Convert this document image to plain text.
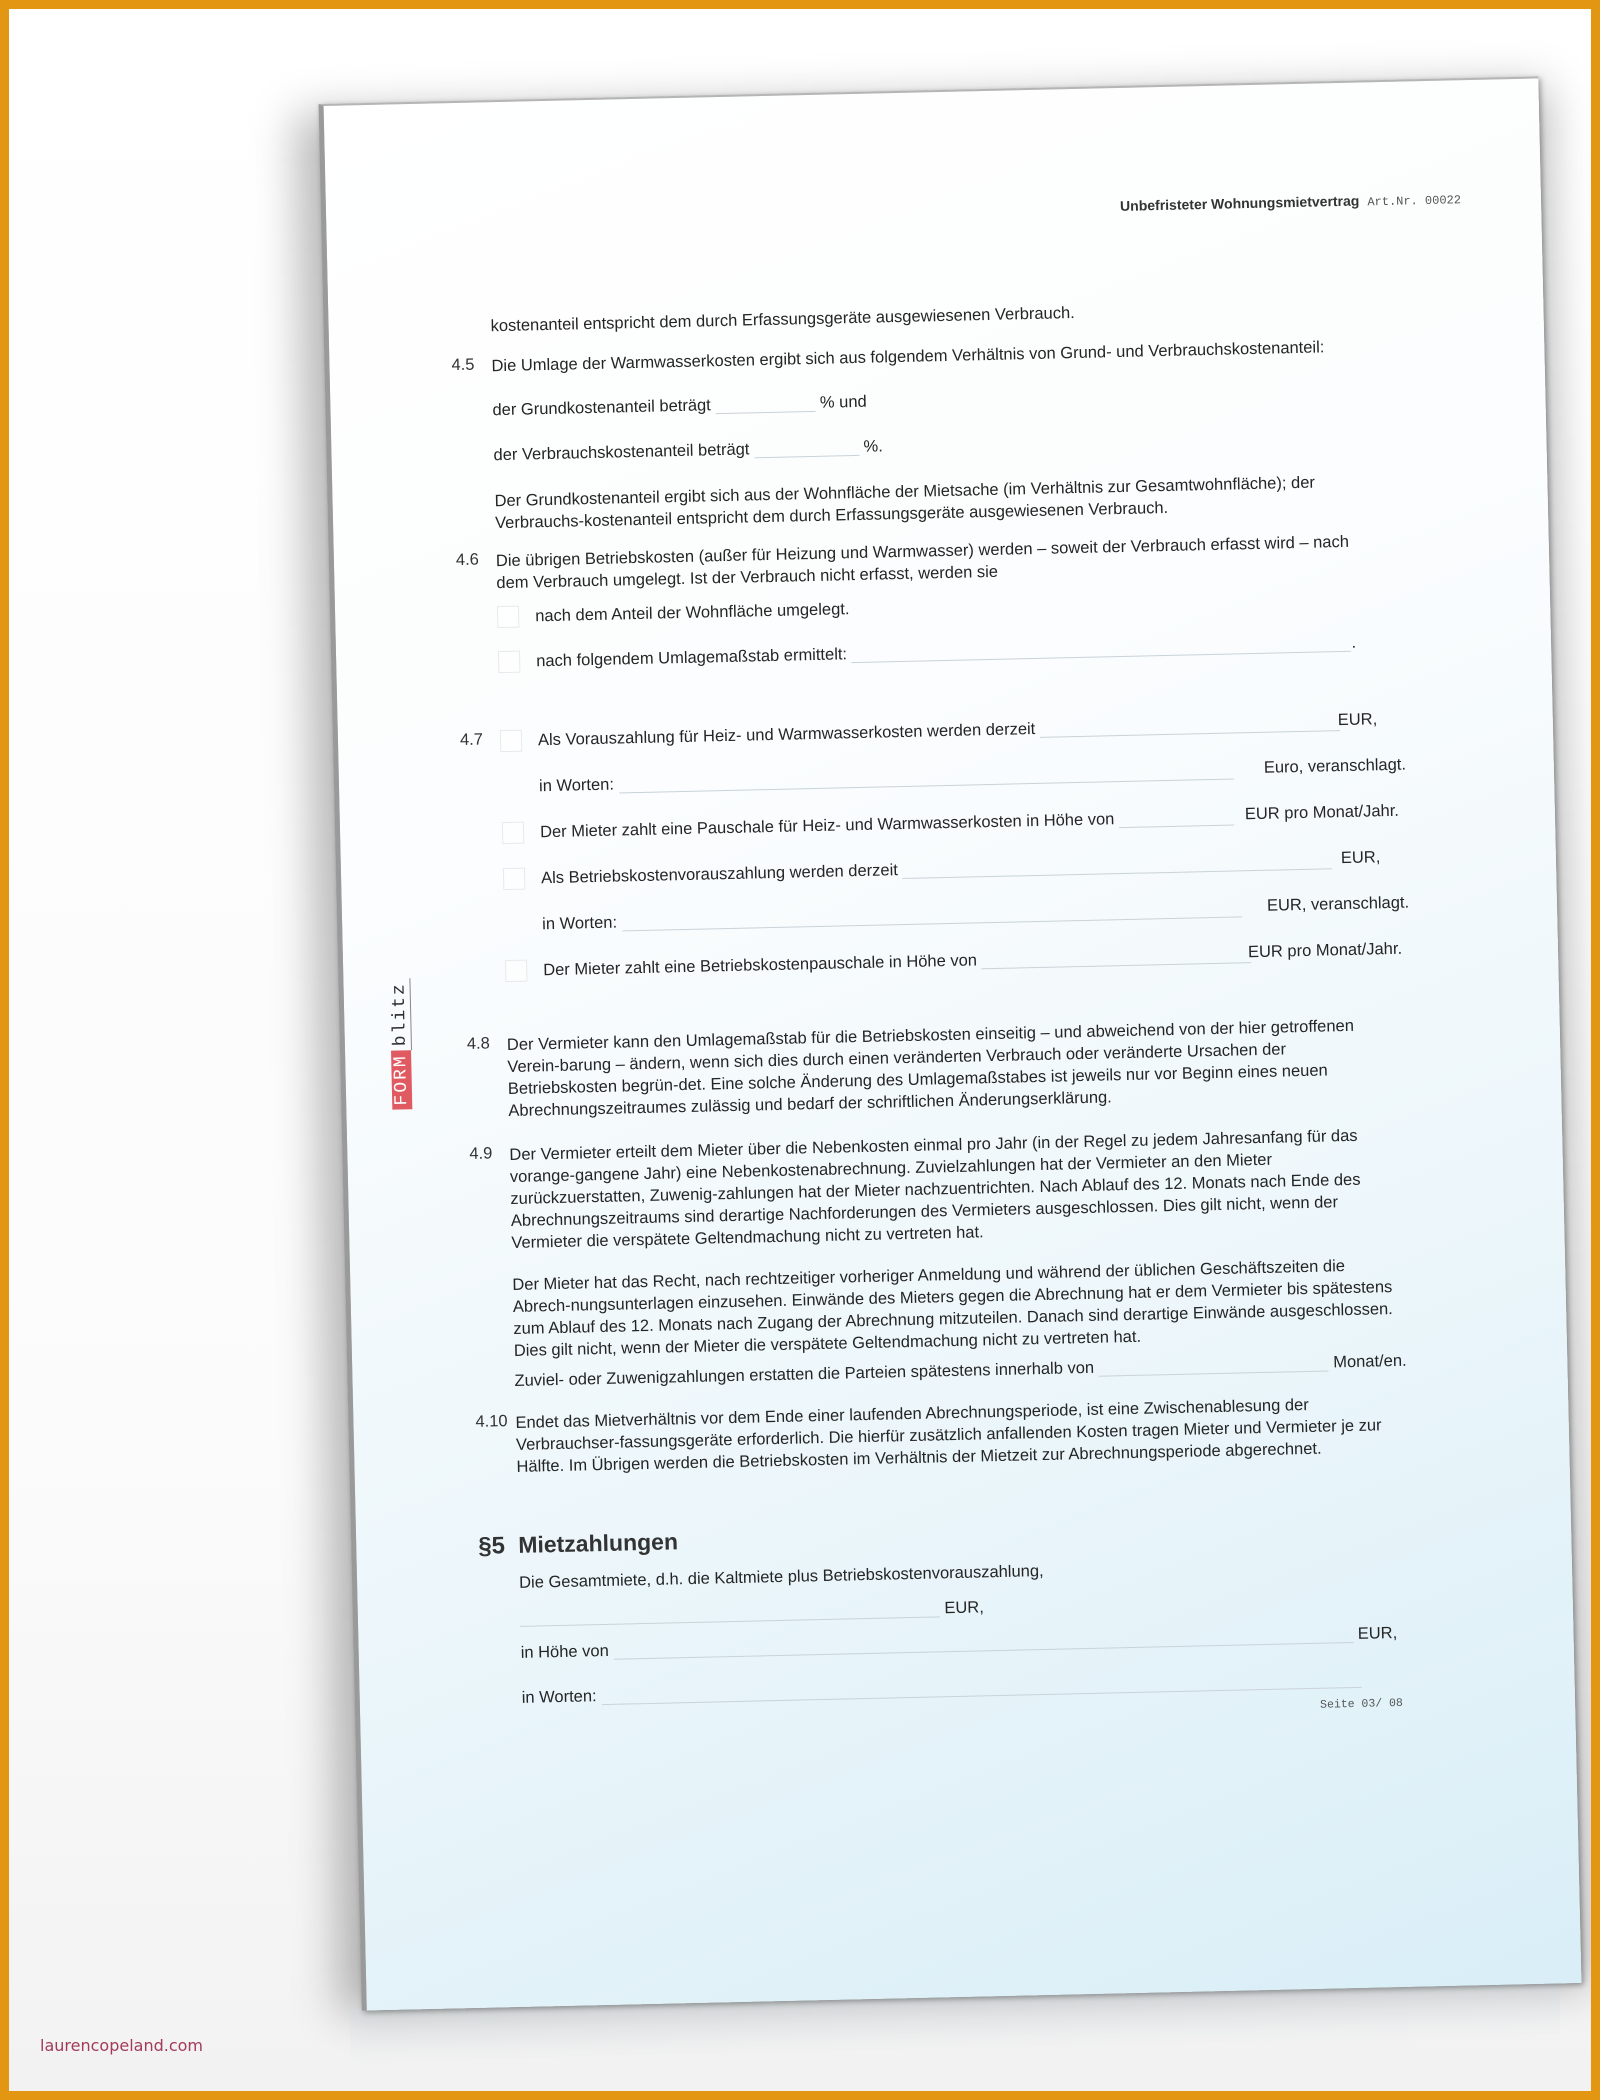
Unbefristeter Wohnungsmietvertrag Art.Nr. 00022
kostenanteil entspricht dem durch Erfassungsgeräte ausgewiesenen Verbrauch.
4.5 Die Umlage der Warmwasserkosten ergibt sich aus folgendem Verhältnis von Grund- und Verbrauchskostenanteil:
der Grundkostenanteil beträgt	% und
der Verbrauchskostenanteil beträgt	%.
Der Grundkostenanteil ergibt sich aus der Wohnfläche der Mietsache (im Verhältnis zur Gesamtwohnfläche); der Verbrauchs-kostenanteil entspricht dem durch Erfassungsgeräte ausgewiesenen Verbrauch.
4.6 Die übrigen Betriebskosten (außer für Heizung und Warmwasser) werden – soweit der Verbrauch erfasst wird – nach dem Verbrauch umgelegt. Ist der Verbrauch nicht erfasst, werden sie
nach dem Anteil der Wohnfläche umgelegt.
nach folgendem Umlagemaßstab ermittelt: .
4.7	Als Vorauszahlung für Heiz- und Warmwasserkosten werden derzeit
EUR,
in Worten:
Euro, veranschlagt.
Der Mieter zahlt eine Pauschale für Heiz- und Warmwasserkosten in Höhe von	EUR pro Monat/Jahr.
Als Betriebskostenvorauszahlung werden derzeit
EUR,
in Worten:
EUR, veranschlagt.
Der Mieter zahlt eine Betriebskostenpauschale in Höhe von
EUR pro Monat/Jahr.
4.8 Der Vermieter kann den Umlagemaßstab für die Betriebskosten einseitig – und abweichend von der hier getroffenen Verein-barung – ändern, wenn sich dies durch einen veränderten Verbrauch oder veränderte Ursachen der Betriebskosten begrün-det. Eine solche Änderung des Umlagemaßstabes ist jeweils nur vor Beginn eines neuen Abrechnungszeitraumes zulässig und bedarf der schriftlichen Änderungserklärung.
4.9 Der Vermieter erteilt dem Mieter über die Nebenkosten einmal pro Jahr (in der Regel zu jedem Jahresanfang für das vorange-gangene Jahr) eine Nebenkostenabrechnung. Zuvielzahlungen hat der Vermieter an den Mieter zurückzuerstatten, Zuwenig-zahlungen hat der Mieter nachzuentrichten. Nach Ablauf des 12. Monats nach Ende des Abrechnungszeitraums sind derartige Nachforderungen des Vermieters ausgeschlossen. Dies gilt nicht, wenn der Vermieter die verspätete Geltendmachung nicht zu vertreten hat.
Der Mieter hat das Recht, nach rechtzeitiger vorheriger Anmeldung und während der üblichen Geschäftszeiten die Abrech-nungsunterlagen einzusehen. Einwände des Mieters gegen die Abrechnung hat er dem Vermieter bis spätestens zum Ablauf des 12. Monats nach Zugang der Abrechnung mitzuteilen. Danach sind derartige Einwände ausgeschlossen. Dies gilt nicht, wenn der Mieter die verspätete Geltendmachung nicht zu vertreten hat.
Zuviel- oder Zuwenigzahlungen erstatten die Parteien spätestens innerhalb von	Monat/en.
4.10 Endet das Mietverhältnis vor dem Ende einer laufenden Abrechnungsperiode, ist eine Zwischenablesung der Verbrauchser-fassungsgeräte erforderlich. Die hierfür zusätzlich anfallenden Kosten tragen Mieter und Vermieter je zur Hälfte. Im Übrigen werden die Betriebskosten im Verhältnis der Mietzeit zur Abrechnungsperiode abgerechnet.
§5 Mietzahlungen
Die Gesamtmiete, d.h. die Kaltmiete plus Betriebskostenvorauszahlung,
EUR,
in Höhe von  EUR,
in Worten:	Seite 03/ 08
FORMblitz
laurencopeland.com
